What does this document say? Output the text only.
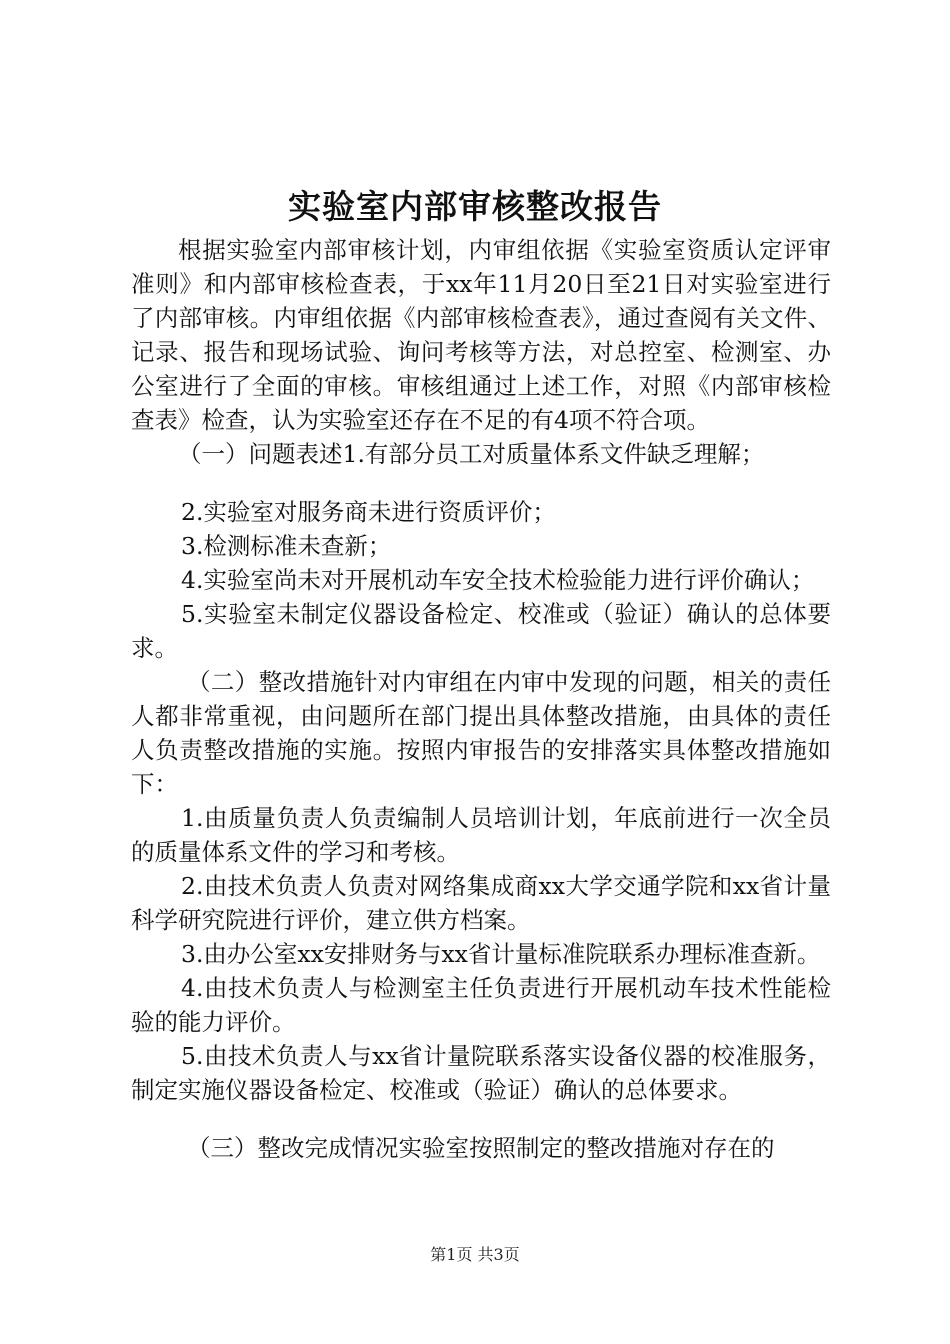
实验室内部审核整改报告

根据实验室内部审核计划，内审组依据《实验室资质认定评审准则》和内部审核检查表，于xx年11月20日至21日对实验室进行了内部审核。内审组依据《内部审核检查表》，通过查阅有关文件、记录、报告和现场试验、询问考核等方法，对总控室、检测室、办公室进行了全面的审核。审核组通过上述工作，对照《内部审核检查表》检查，认为实验室还存在不足的有4项不符合项。

（一）问题表述1.有部分员工对质量体系文件缺乏理解；

2.实验室对服务商未进行资质评价；

3.检测标准未查新；

4.实验室尚未对开展机动车安全技术检验能力进行评价确认；

5.实验室未制定仪器设备检定、校准或（验证）确认的总体要求。

（二）整改措施针对内审组在内审中发现的问题，相关的责任人都非常重视，由问题所在部门提出具体整改措施，由具体的责任人负责整改措施的实施。按照内审报告的安排落实具体整改措施如下：

1.由质量负责人负责编制人员培训计划，年底前进行一次全员的质量体系文件的学习和考核。

2.由技术负责人负责对网络集成商xx大学交通学院和xx省计量科学研究院进行评价，建立供方档案。

3.由办公室xx安排财务与xx省计量标准院联系办理标准查新。

4.由技术负责人与检测室主任负责进行开展机动车技术性能检验的能力评价。

5.由技术负责人与xx省计量院联系落实设备仪器的校准服务，制定实施仪器设备检定、校准或（验证）确认的总体要求。

（三）整改完成情况实验室按照制定的整改措施对存在的

第1页 共3页
